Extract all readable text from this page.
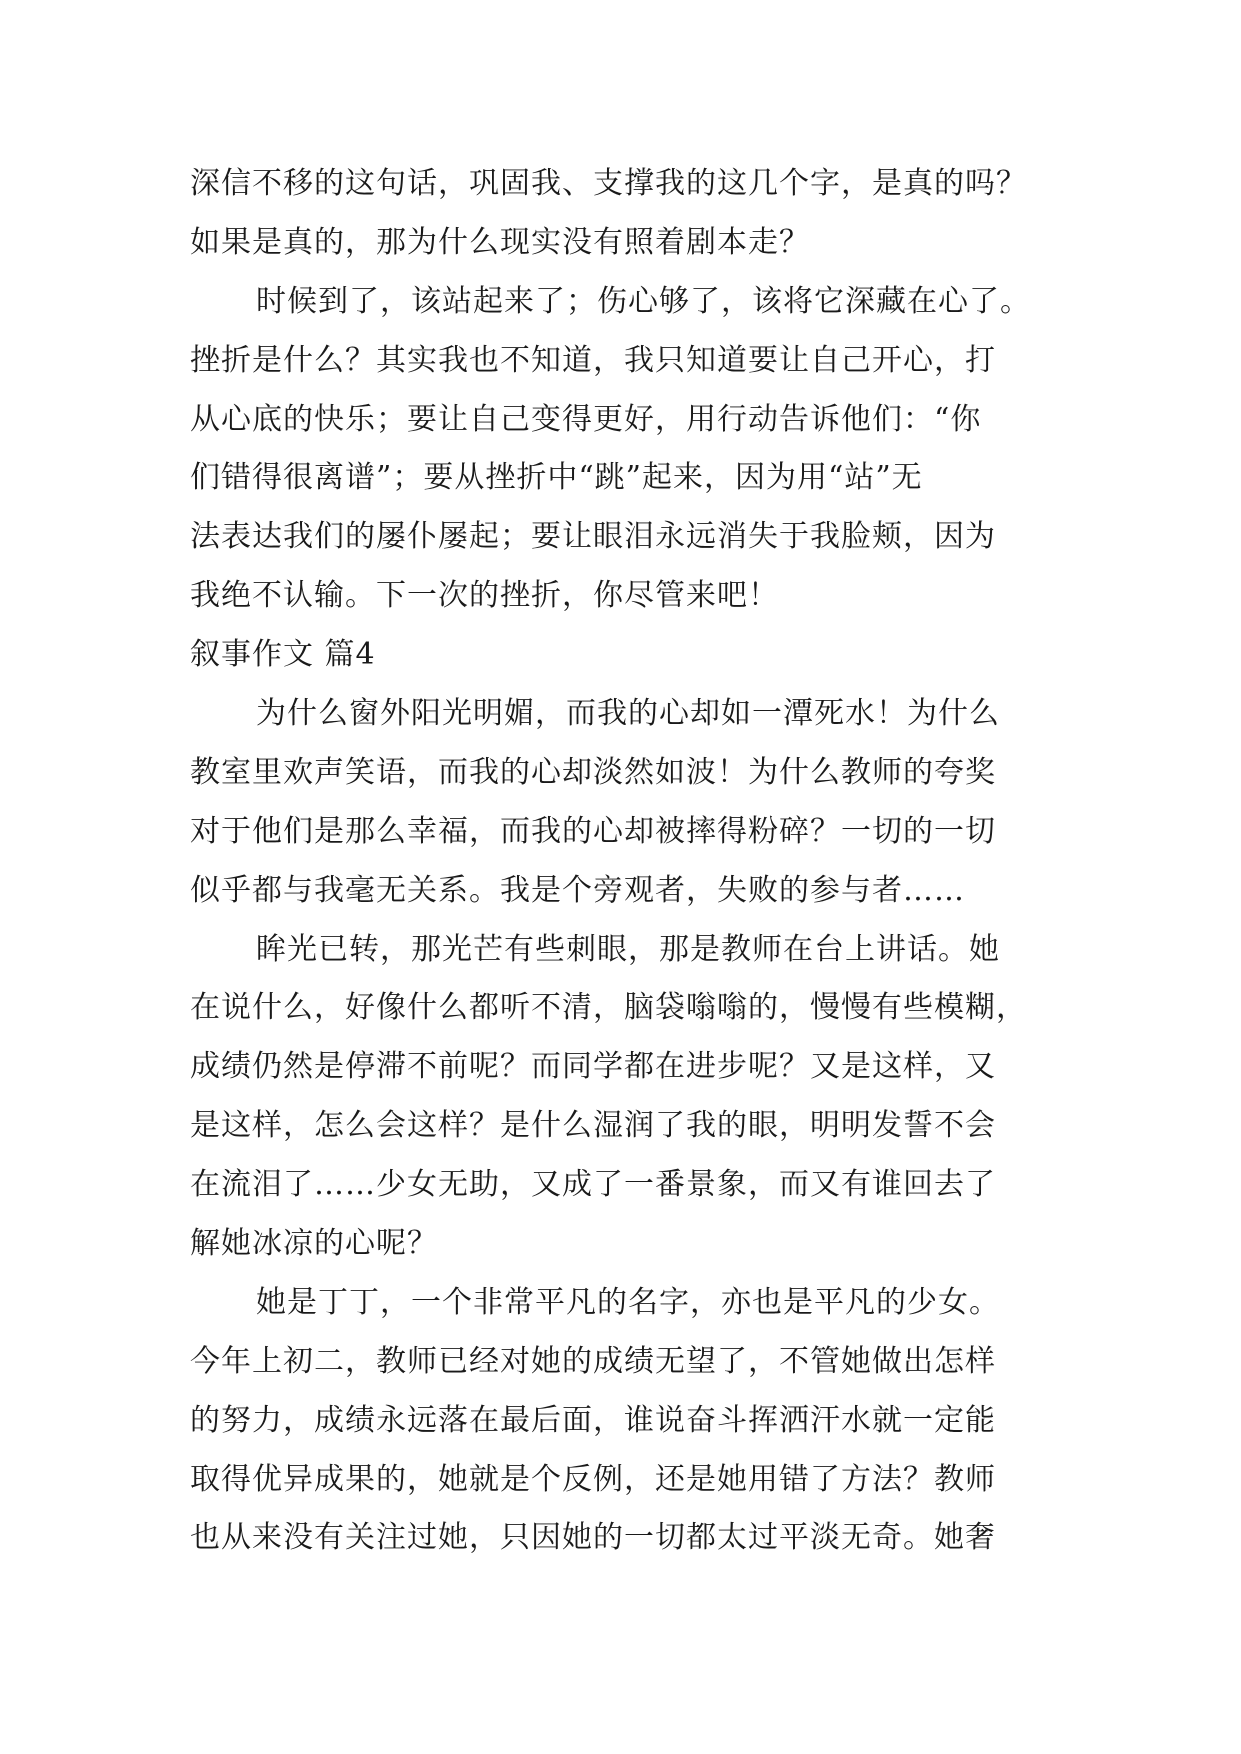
深信不移的这句话，巩固我、支撑我的这几个字，是真的吗？
如果是真的，那为什么现实没有照着剧本走？
时候到了，该站起来了；伤心够了，该将它深藏在心了。
挫折是什么？其实我也不知道，我只知道要让自己开心，打
从心底的快乐；要让自己变得更好，用行动告诉他们：“你
们错得很离谱”；要从挫折中“跳”起来，因为用“站”无
法表达我们的屡仆屡起；要让眼泪永远消失于我脸颊，因为
我绝不认输。下一次的挫折，你尽管来吧！
叙事作文 篇4
为什么窗外阳光明媚，而我的心却如一潭死水！为什么
教室里欢声笑语，而我的心却淡然如波！为什么教师的夸奖
对于他们是那么幸福，而我的心却被摔得粉碎？一切的一切
似乎都与我毫无关系。我是个旁观者，失败的参与者……
眸光已转，那光芒有些刺眼，那是教师在台上讲话。她
在说什么，好像什么都听不清，脑袋嗡嗡的，慢慢有些模糊，
成绩仍然是停滞不前呢？而同学都在进步呢？又是这样，又
是这样，怎么会这样？是什么湿润了我的眼，明明发誓不会
在流泪了……少女无助，又成了一番景象，而又有谁回去了
解她冰凉的心呢？
她是丁丁，一个非常平凡的名字，亦也是平凡的少女。
今年上初二，教师已经对她的成绩无望了，不管她做出怎样
的努力，成绩永远落在最后面，谁说奋斗挥洒汗水就一定能
取得优异成果的，她就是个反例，还是她用错了方法？教师
也从来没有关注过她，只因她的一切都太过平淡无奇。她奢
